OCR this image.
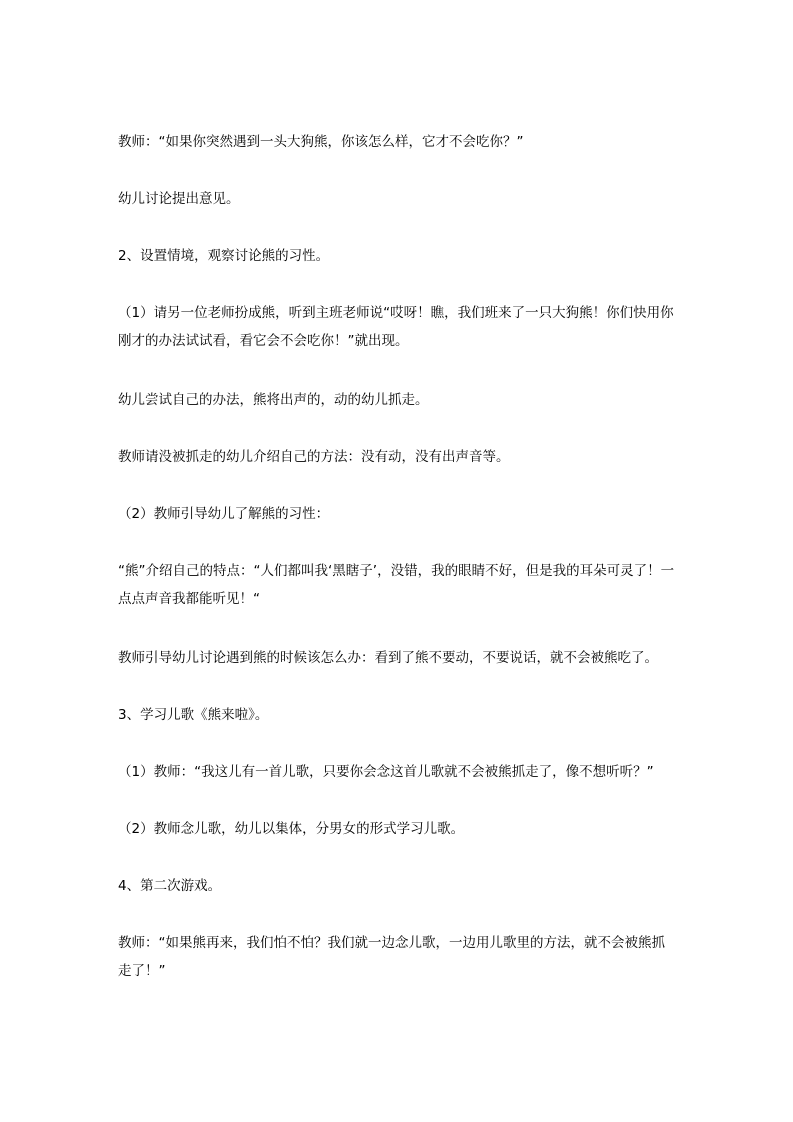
教师：“如果你突然遇到一头大狗熊，你该怎么样，它才不会吃你？”

幼儿讨论提出意见。

2、设置情境，观察讨论熊的习性。

（1）请另一位老师扮成熊，听到主班老师说“哎呀！瞧，我们班来了一只大狗熊！你们快用你刚才的办法试试看，看它会不会吃你！”就出现。

幼儿尝试自己的办法，熊将出声的，动的幼儿抓走。

教师请没被抓走的幼儿介绍自己的方法：没有动，没有出声音等。

（2）教师引导幼儿了解熊的习性：

“熊”介绍自己的特点：“人们都叫我‘黑瞎子’，没错，我的眼睛不好，但是我的耳朵可灵了！一点点声音我都能听见！“

教师引导幼儿讨论遇到熊的时候该怎么办：看到了熊不要动，不要说话，就不会被熊吃了。

3、学习儿歌《熊来啦》。

（1）教师：“我这儿有一首儿歌，只要你会念这首儿歌就不会被熊抓走了，像不想听听？”

（2）教师念儿歌，幼儿以集体，分男女的形式学习儿歌。

4、第二次游戏。

教师：“如果熊再来，我们怕不怕？我们就一边念儿歌，一边用儿歌里的方法，就不会被熊抓走了！”
